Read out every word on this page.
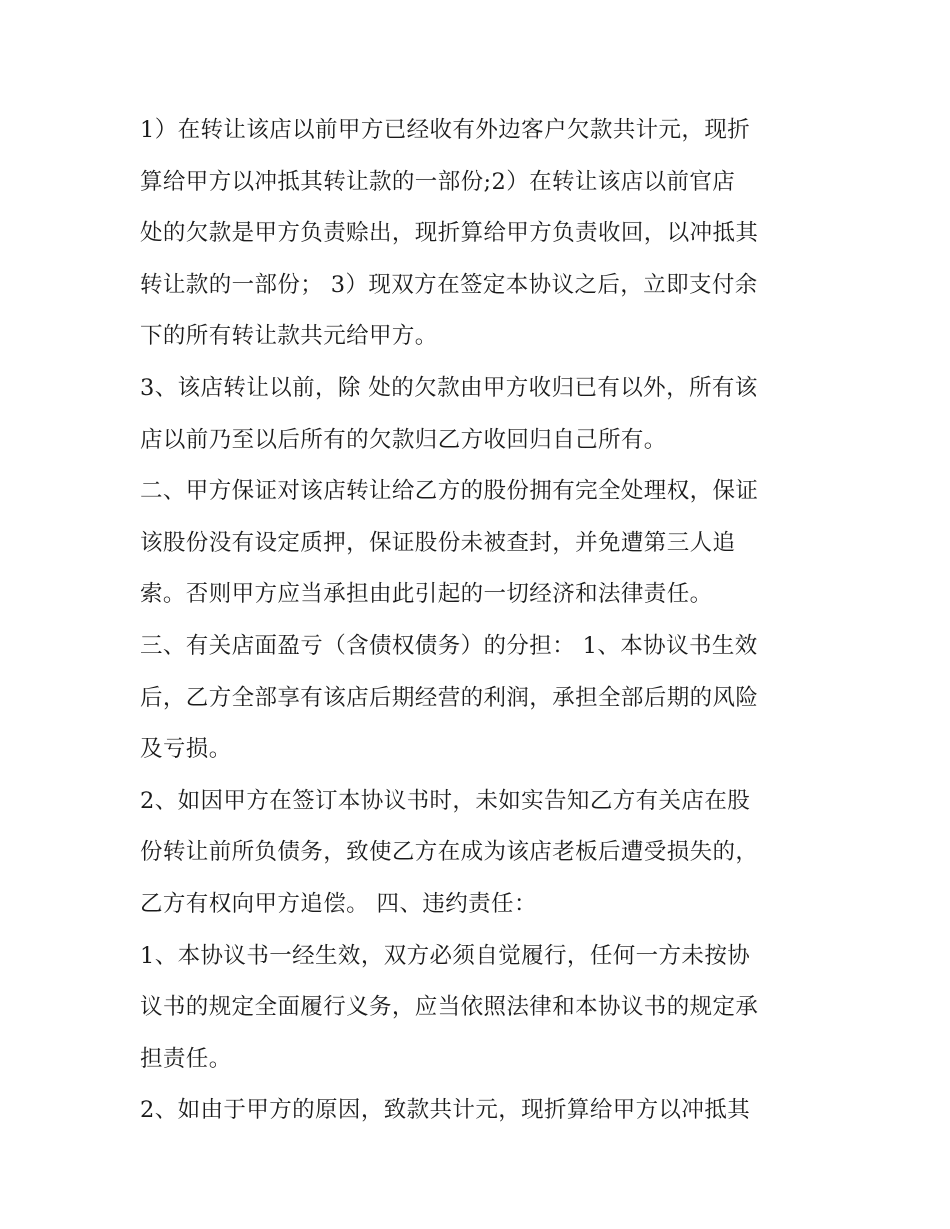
1）在转让该店以前甲方已经收有外边客户欠款共计元，现折
算给甲方以冲抵其转让款的一部份;2）在转让该店以前官店
处的欠款是甲方负责赊出，现折算给甲方负责收回，以冲抵其
转让款的一部份； 3）现双方在签定本协议之后，立即支付余
下的所有转让款共元给甲方。
3、该店转让以前，除 处的欠款由甲方收归已有以外，所有该
店以前乃至以后所有的欠款归乙方收回归自己所有。
二、甲方保证对该店转让给乙方的股份拥有完全处理权，保证
该股份没有设定质押，保证股份未被查封，并免遭第三人追
索。否则甲方应当承担由此引起的一切经济和法律责任。
三、有关店面盈亏（含债权债务）的分担： 1、本协议书生效
后，乙方全部享有该店后期经营的利润，承担全部后期的风险
及亏损。
2、如因甲方在签订本协议书时，未如实告知乙方有关店在股
份转让前所负债务，致使乙方在成为该店老板后遭受损失的，
乙方有权向甲方追偿。 四、违约责任：
1、本协议书一经生效，双方必须自觉履行，任何一方未按协
议书的规定全面履行义务，应当依照法律和本协议书的规定承
担责任。
2、如由于甲方的原因，致款共计元，现折算给甲方以冲抵其
